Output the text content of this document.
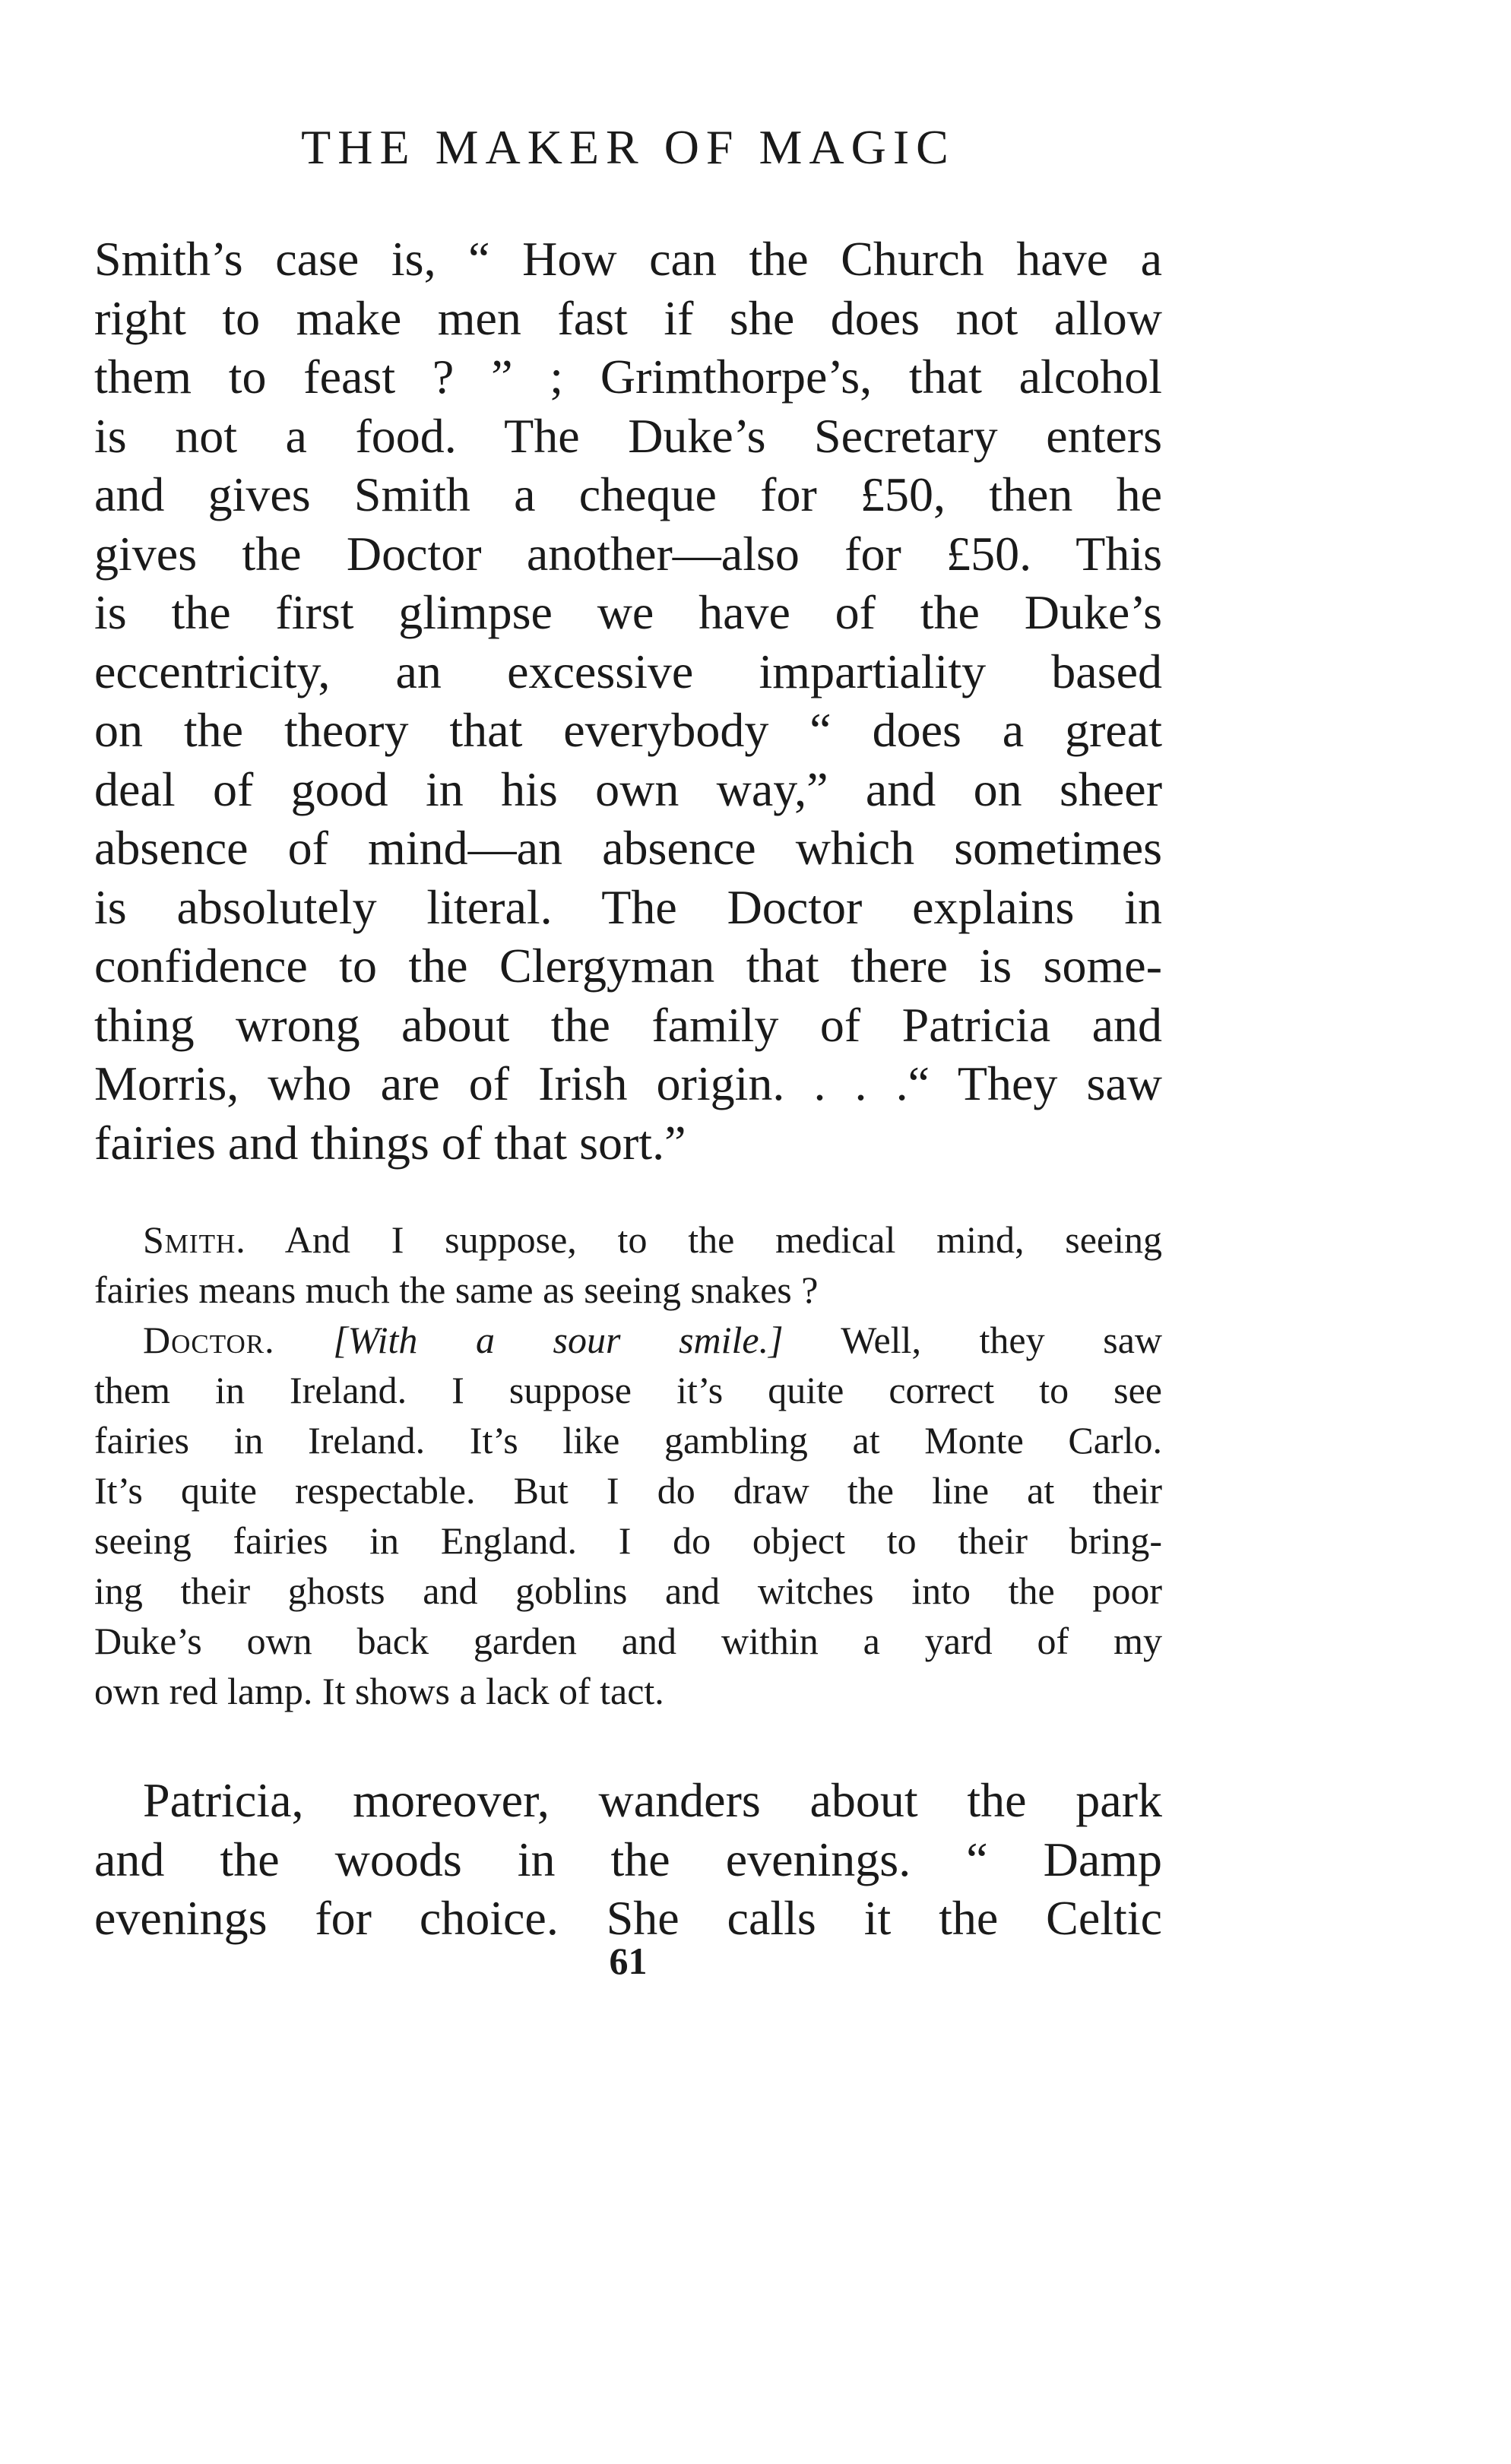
THE MAKER OF MAGIC
Smith’s case is, “ How can the Church have a
right to make men fast if she does not allow
them to feast ? ” ; Grimthorpe’s, that alcohol
is not a food. The Duke’s Secretary enters
and gives Smith a cheque for £50, then he
gives the Doctor another—also for £50. This
is the first glimpse we have of the Duke’s
eccentricity, an excessive impartiality based
on the theory that everybody “ does a great
deal of good in his own way,” and on sheer
absence of mind—an absence which sometimes
is absolutely literal. The Doctor explains in
confidence to the Clergyman that there is some-
thing wrong about the family of Patricia and
Morris, who are of Irish origin. . . .“ They saw
fairies and things of that sort.”
Smith. And I suppose, to the medical mind, seeing
fairies means much the same as seeing snakes ?
Doctor. [With a sour smile.] Well, they saw
them in Ireland. I suppose it’s quite correct to see
fairies in Ireland. It’s like gambling at Monte Carlo.
It’s quite respectable. But I do draw the line at their
seeing fairies in England. I do object to their bring-
ing their ghosts and goblins and witches into the poor
Duke’s own back garden and within a yard of my
own red lamp. It shows a lack of tact.
Patricia, moreover, wanders about the park
and the woods in the evenings. “ Damp
evenings for choice. She calls it the Celtic
61
